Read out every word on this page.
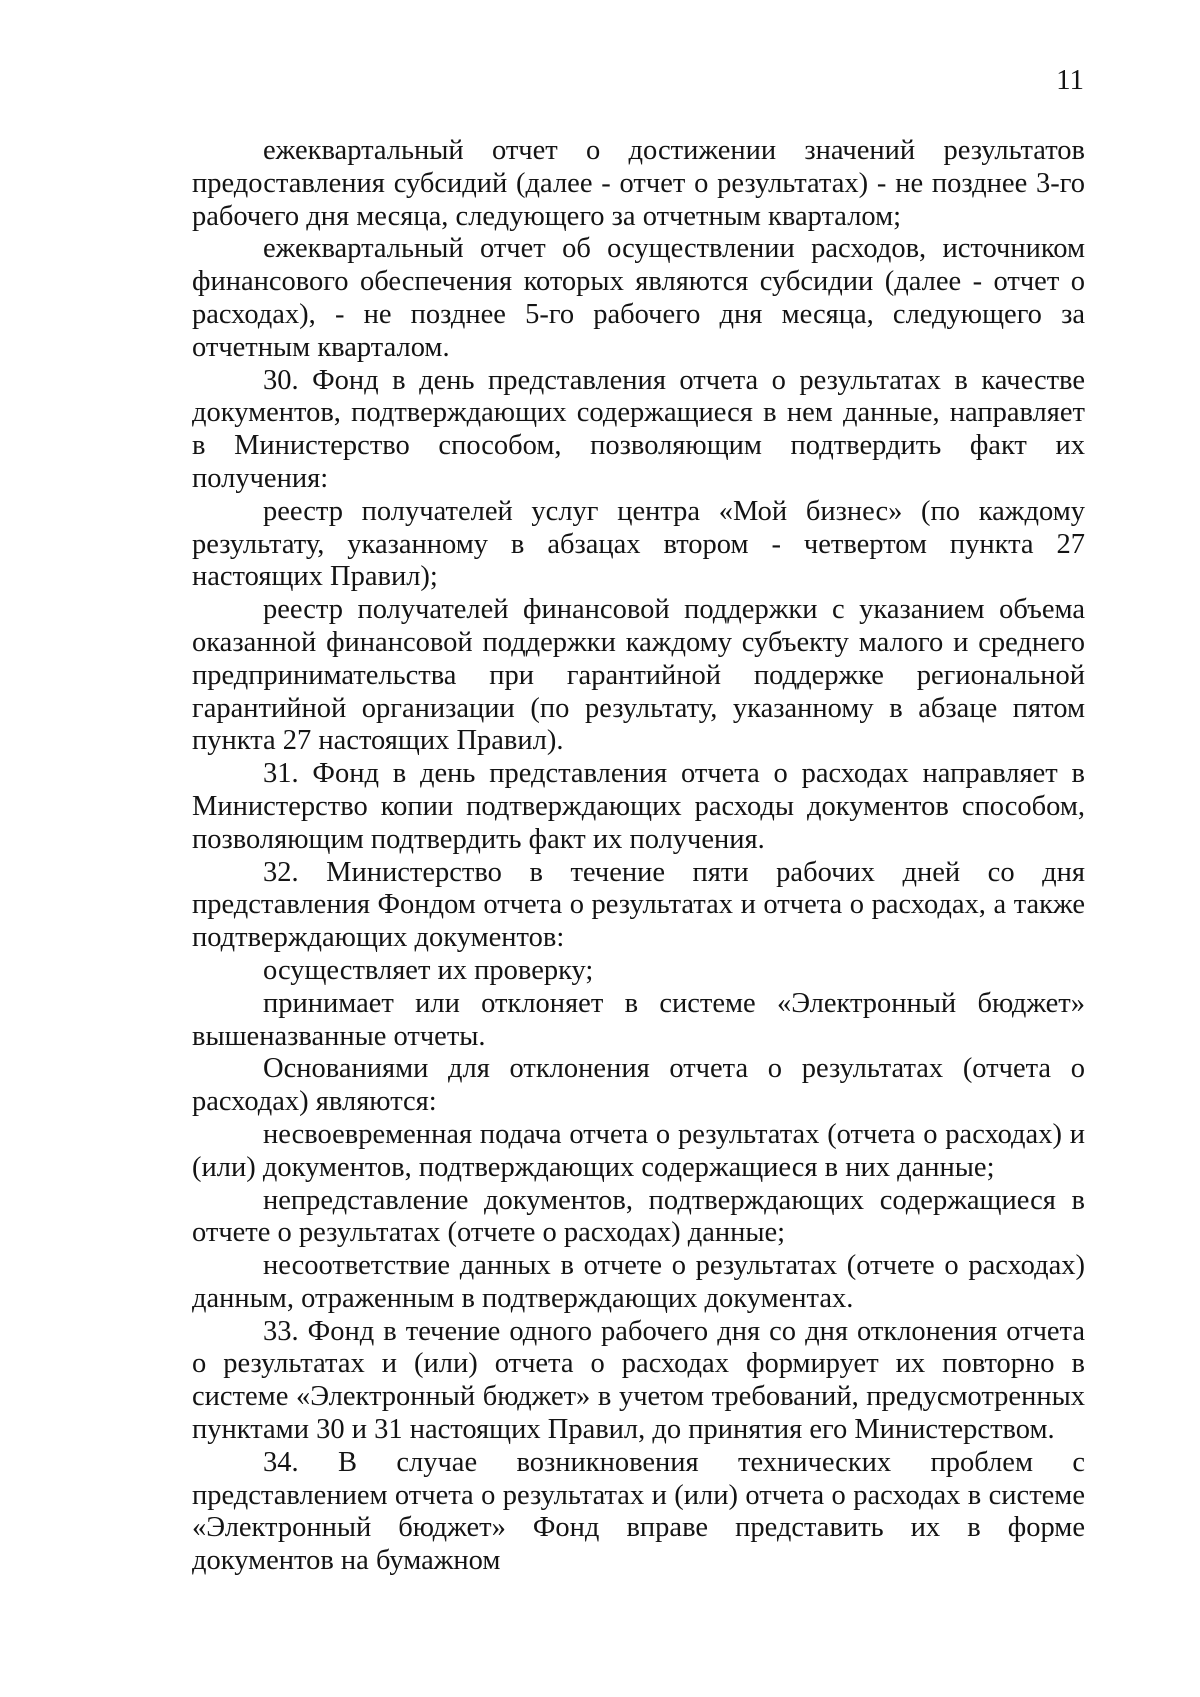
11

ежеквартальный отчет о достижении значений результатов предоставления субсидий (далее - отчет о результатах) - не позднее 3-го рабочего дня месяца, следующего за отчетным кварталом;

ежеквартальный отчет об осуществлении расходов, источником финансового обеспечения которых являются субсидии (далее - отчет о расходах), - не позднее 5-го рабочего дня месяца, следующего за отчетным кварталом.

30. Фонд в день представления отчета о результатах в качестве документов, подтверждающих содержащиеся в нем данные, направляет в Министерство способом, позволяющим подтвердить факт их получения:

реестр получателей услуг центра «Мой бизнес» (по каждому результату, указанному в абзацах втором - четвертом пункта 27 настоящих Правил);

реестр получателей финансовой поддержки с указанием объема оказанной финансовой поддержки каждому субъекту малого и среднего предпринимательства при гарантийной поддержке региональной гарантийной организации (по результату, указанному в абзаце пятом пункта 27 настоящих Правил).

31. Фонд в день представления отчета о расходах направляет в Министерство копии подтверждающих расходы документов способом, позволяющим подтвердить факт их получения.

32. Министерство в течение пяти рабочих дней со дня представления Фондом отчета о результатах и отчета о расходах, а также подтверждающих документов:

осуществляет их проверку;

принимает или отклоняет в системе «Электронный бюджет» вышеназванные отчеты.

Основаниями для отклонения отчета о результатах (отчета о расходах) являются:

несвоевременная подача отчета о результатах (отчета о расходах) и (или) документов, подтверждающих содержащиеся в них данные;

непредставление документов, подтверждающих содержащиеся в отчете о результатах (отчете о расходах) данные;

несоответствие данных в отчете о результатах (отчете о расходах) данным, отраженным в подтверждающих документах.

33. Фонд в течение одного рабочего дня со дня отклонения отчета о результатах и (или) отчета о расходах формирует их повторно в системе «Электронный бюджет» в учетом требований, предусмотренных пунктами 30 и 31 настоящих Правил, до принятия его Министерством.

34. В случае возникновения технических проблем с представлением отчета о результатах и (или) отчета о расходах в системе «Электронный бюджет» Фонд вправе представить их в форме документов на бумажном
